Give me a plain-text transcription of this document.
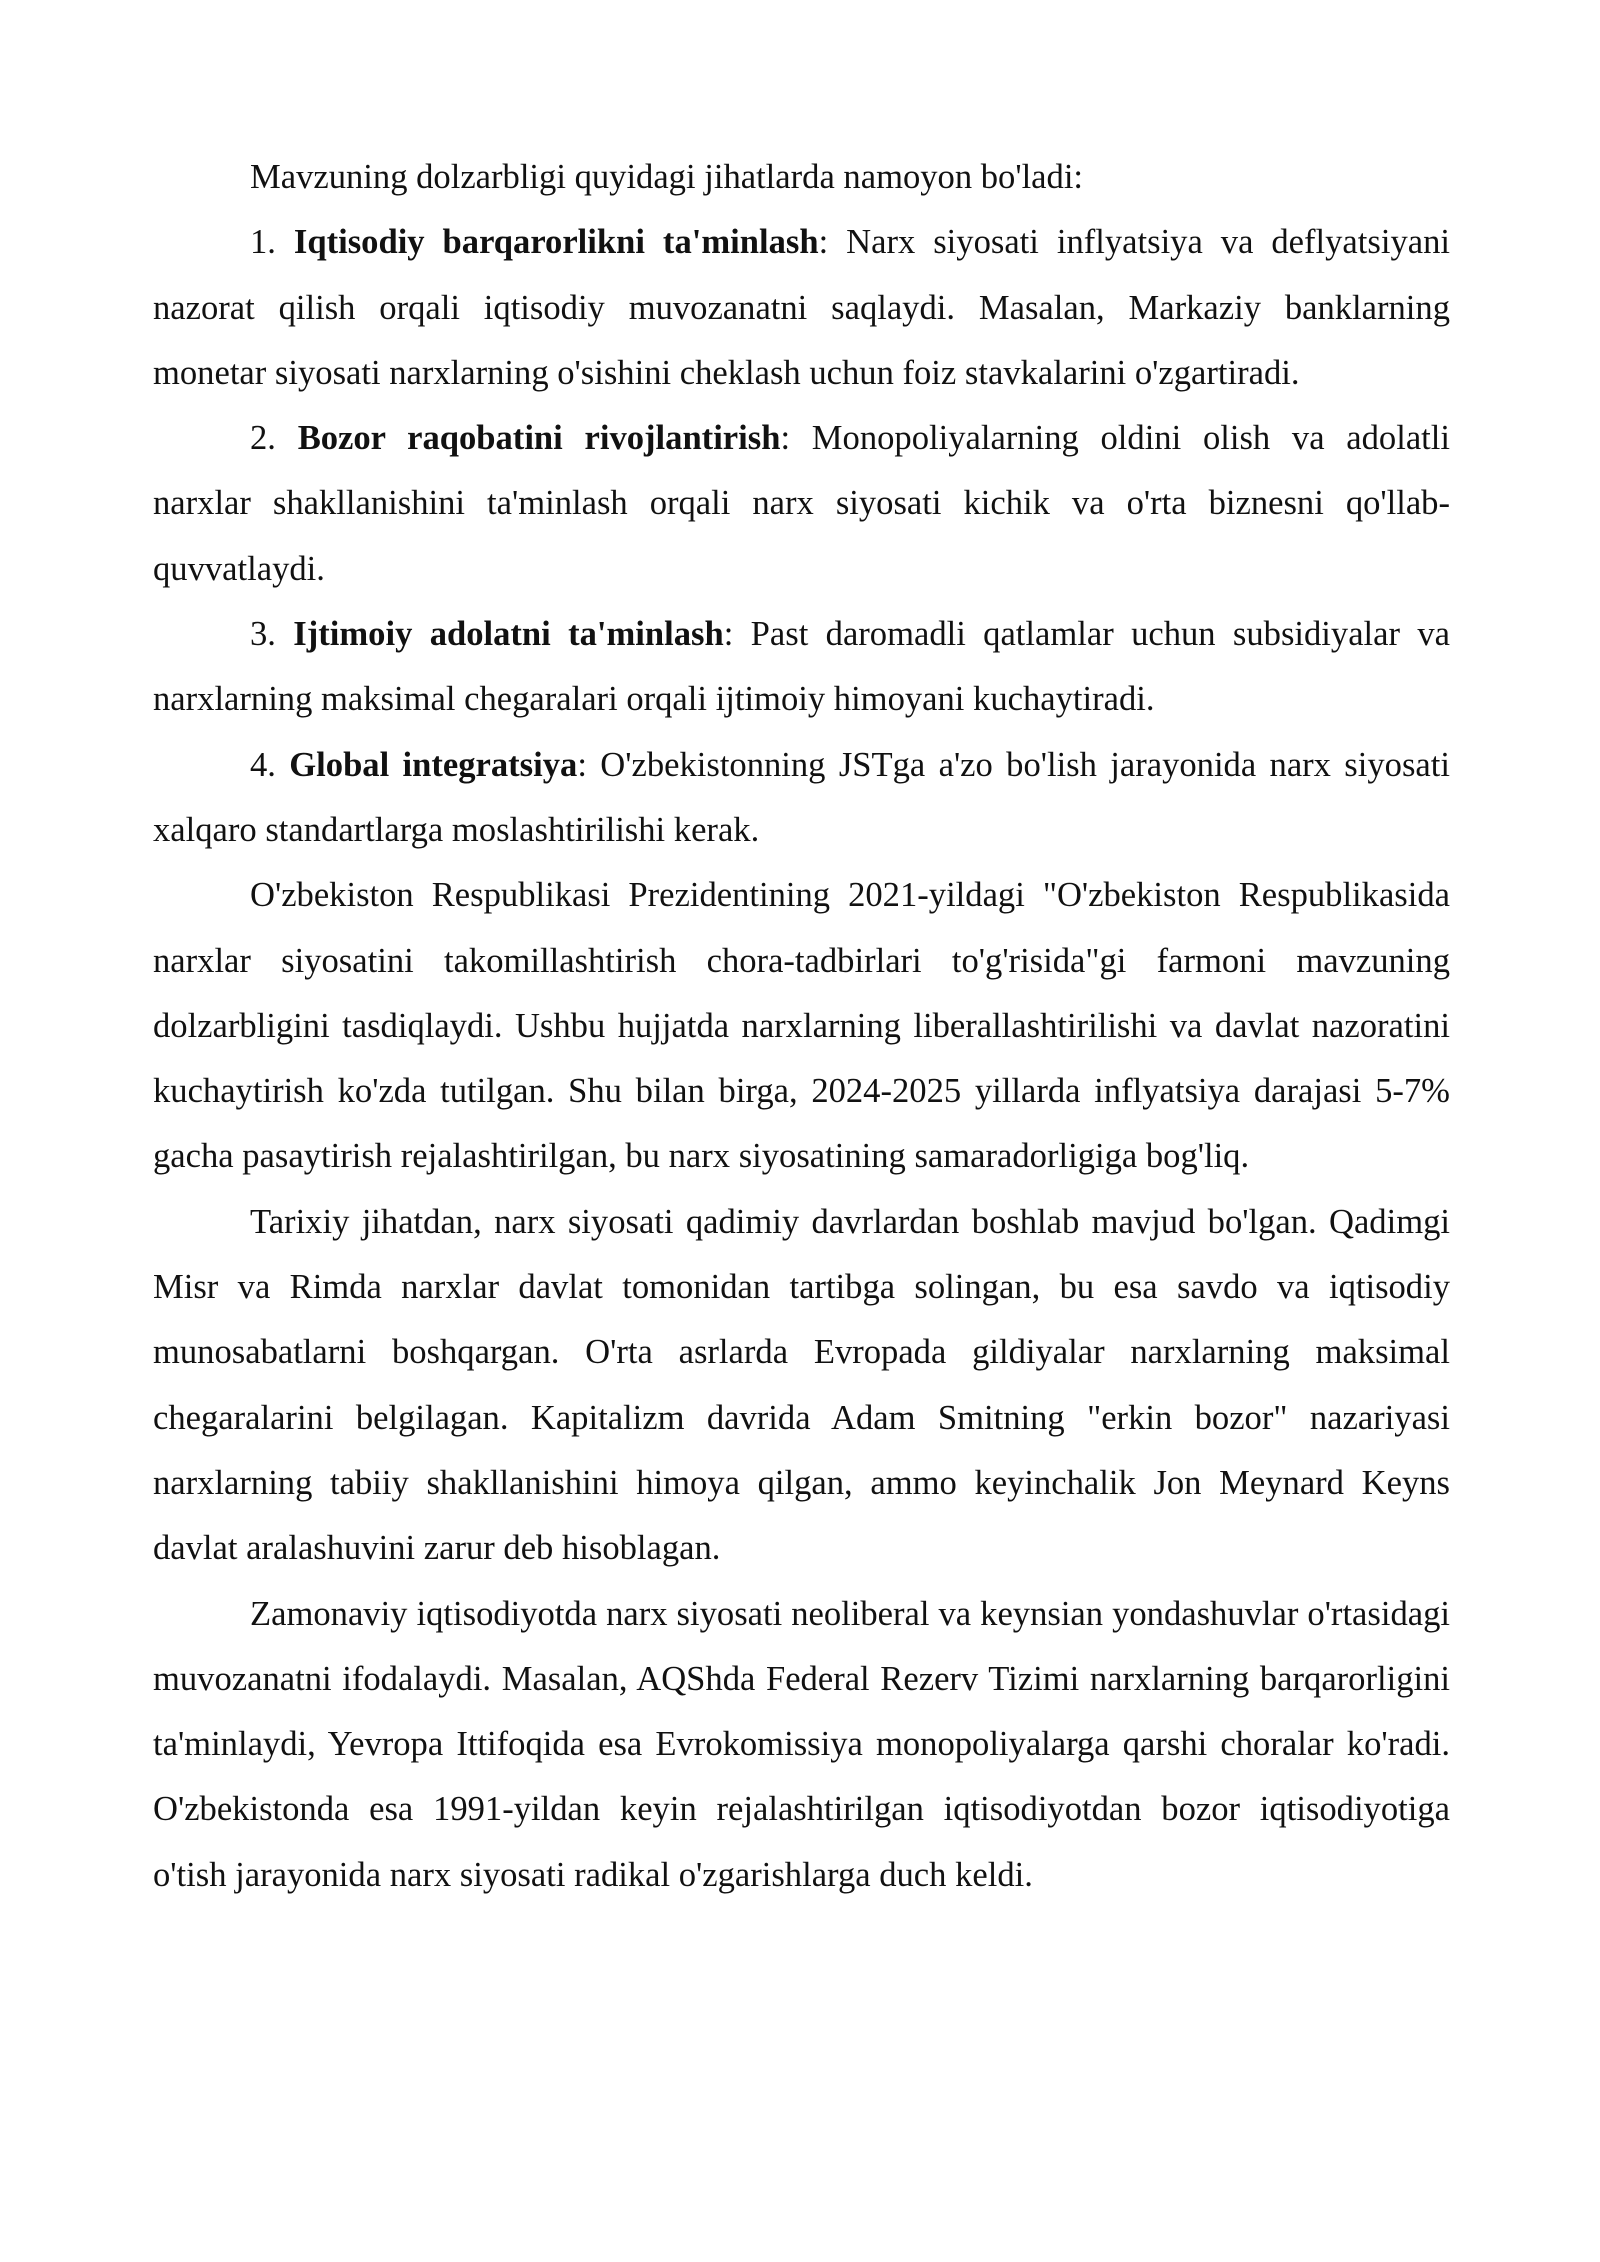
Mavzuning dolzarbligi quyidagi jihatlarda namoyon bo'ladi:

1. Iqtisodiy barqarorlikni ta'minlash: Narx siyosati inflyatsiya va deflyatsiyani nazorat qilish orqali iqtisodiy muvozanatni saqlaydi. Masalan, Markaziy banklarning monetar siyosati narxlarning o'sishini cheklash uchun foiz stavkalarini o'zgartiradi.

2. Bozor raqobatini rivojlantirish: Monopoliyalarning oldini olish va adolatli narxlar shakllanishini ta'minlash orqali narx siyosati kichik va o'rta biznesni qo'llab-quvvatlaydi.

3. Ijtimoiy adolatni ta'minlash: Past daromadli qatlamlar uchun subsidiyalar va narxlarning maksimal chegaralari orqali ijtimoiy himoyani kuchaytiradi.

4. Global integratsiya: O'zbekistonning JSTga a'zo bo'lish jarayonida narx siyosati xalqaro standartlarga moslashtirilishi kerak.

O'zbekiston Respublikasi Prezidentining 2021-yildagi "O'zbekiston Respublikasida narxlar siyosatini takomillashtirish chora-tadbirlari to'g'risida"gi farmoni mavzuning dolzarbligini tasdiqlaydi. Ushbu hujjatda narxlarning liberallashtirilishi va davlat nazoratini kuchaytirish ko'zda tutilgan. Shu bilan birga, 2024-2025 yillarda inflyatsiya darajasi 5-7% gacha pasaytirish rejalashtirilgan, bu narx siyosatining samaradorligiga bog'liq.

Tarixiy jihatdan, narx siyosati qadimiy davrlardan boshlab mavjud bo'lgan. Qadimgi Misr va Rimda narxlar davlat tomonidan tartibga solingan, bu esa savdo va iqtisodiy munosabatlarni boshqargan. O'rta asrlarda Evropada gildiyalar narxlarning maksimal chegaralarini belgilagan. Kapitalizm davrida Adam Smitning "erkin bozor" nazariyasi narxlarning tabiiy shakllanishini himoya qilgan, ammo keyinchalik Jon Meynard Keyns davlat aralashuvini zarur deb hisoblagan.

Zamonaviy iqtisodiyotda narx siyosati neoliberal va keynsian yondashuvlar o'rtasidagi muvozanatni ifodalaydi. Masalan, AQShda Federal Rezerv Tizimi narxlarning barqarorligini ta'minlaydi, Yevropa Ittifoqida esa Evrokomissiya monopoliyalarga qarshi choralar ko'radi. O'zbekistonda esa 1991-yildan keyin rejalashtirilgan iqtisodiyotdan bozor iqtisodiyotiga o'tish jarayonida narx siyosati radikal o'zgarishlarga duch keldi.
